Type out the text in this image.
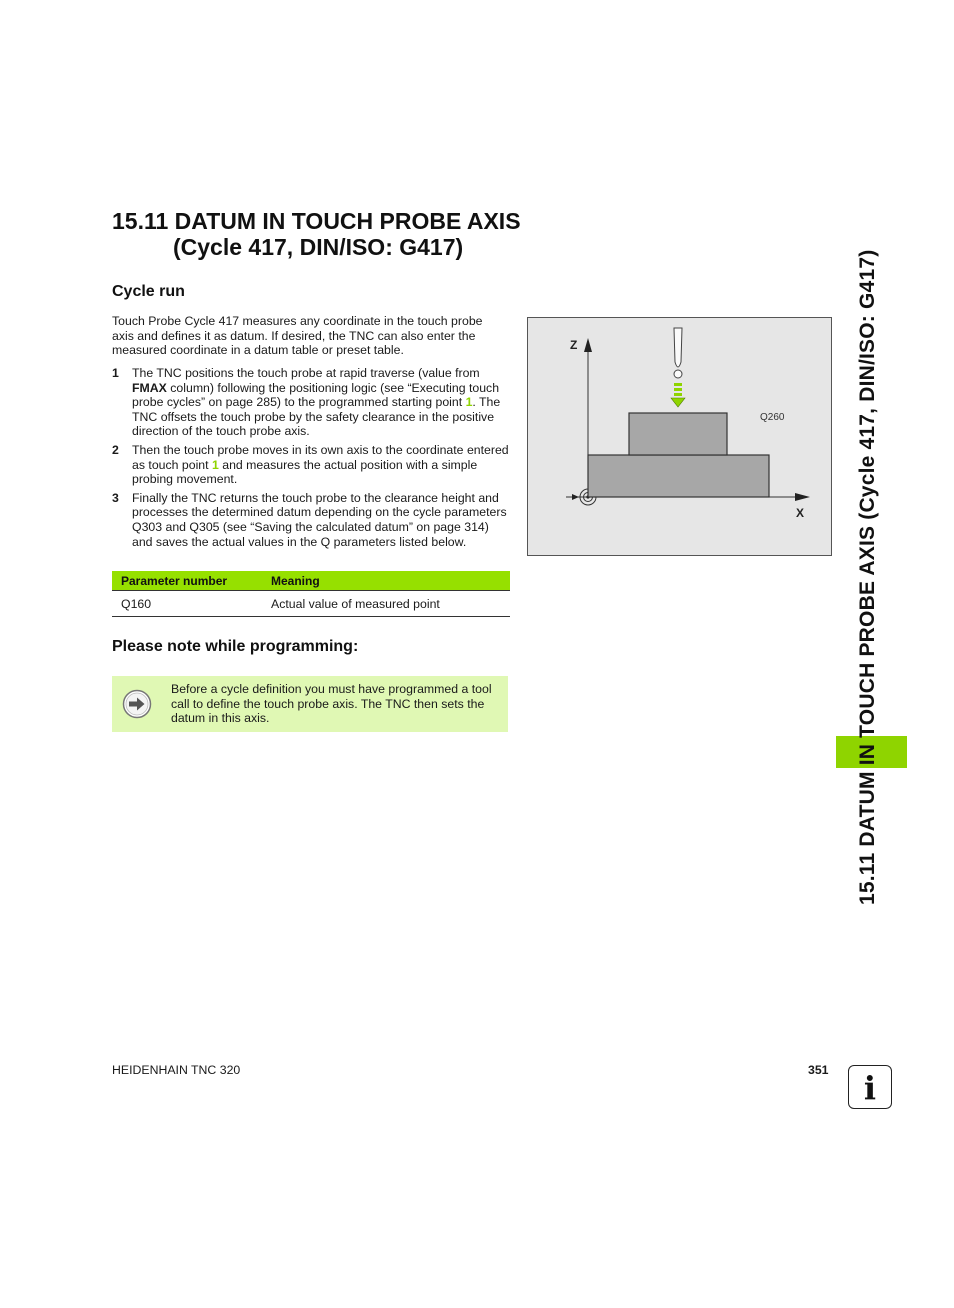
15.11 DATUM IN TOUCH PROBE AXIS
(Cycle 417, DIN/ISO: G417)
Cycle run
Touch Probe Cycle 417 measures any coordinate in the touch probe axis and defines it as datum. If desired, the TNC can also enter the measured coordinate in a datum table or preset table.
1 The TNC positions the touch probe at rapid traverse (value from FMAX column) following the positioning logic (see “Executing touch probe cycles” on page 285) to the programmed starting point 1. The TNC offsets the touch probe by the safety clearance in the positive direction of the touch probe axis.
2 Then the touch probe moves in its own axis to the coordinate entered as touch point 1 and measures the actual position with a simple probing movement.
3 Finally the TNC returns the touch probe to the clearance height and processes the determined datum depending on the cycle parameters Q303 and Q305 (see “Saving the calculated datum” on page 314) and saves the actual values in the Q parameters listed below.
Parameter number	Meaning
Q160	Actual value of measured point
Please note while programming:
Before a cycle definition you must have programmed a tool call to define the touch probe axis. The TNC then sets the datum in this axis.
Z
X
Q260	15.11 DATUM IN TOUCH PROBE AXIS (Cycle 417, DIN/ISO: G417)
HEIDENHAIN TNC 320	351 i
